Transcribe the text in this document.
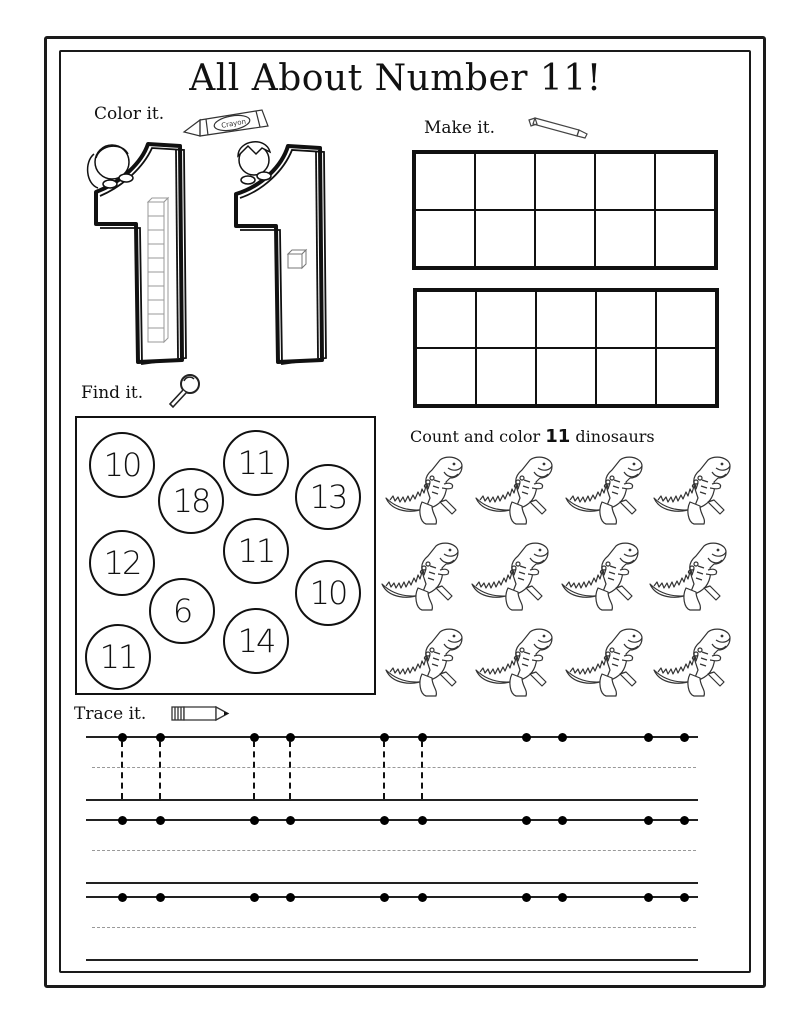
All About Number 11!
Color it.	Crayon	Make it.
Find it.
10
18
11
13
12	11
10
6
14
11
Count and color 11 dinosaurs
Trace it.
